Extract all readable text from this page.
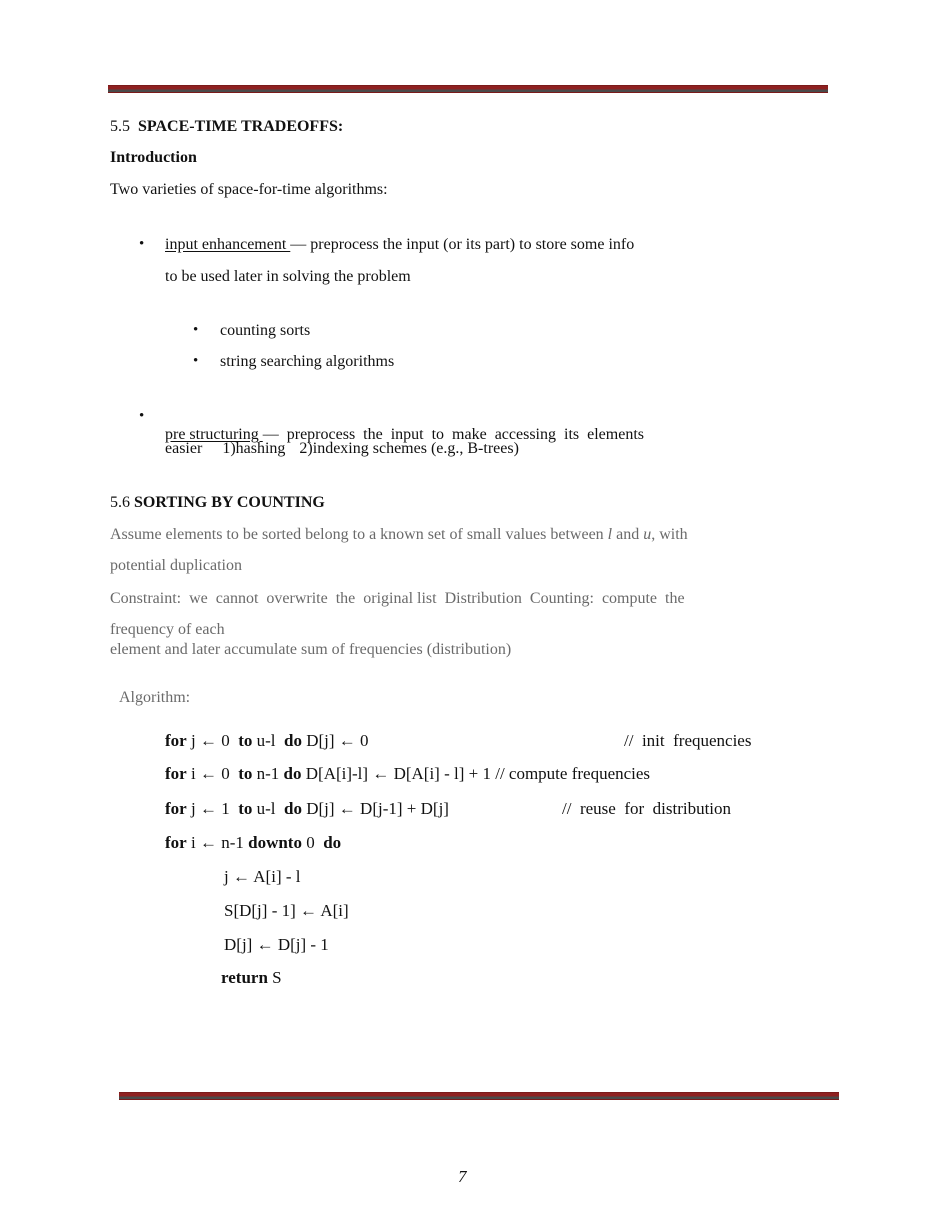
5.5 SPACE-TIME TRADEOFFS:
Introduction
Two varieties of space-for-time algorithms:
• input enhancement — preprocess the input (or its part) to store some info
to be used later in solving the problem
• counting sorts
• string searching algorithms
•

pre structuring —  preprocess  the  input  to  make  accessing  its  elements
easier 1)hashing 2)indexing schemes (e.g., B-trees)
5.6 SORTING BY COUNTING
Assume elements to be sorted belong to a known set of small values between l and u, with
potential duplication
Constraint:  we  cannot  overwrite  the  original list  Distribution  Counting:  compute  the
frequency of each
element and later accumulate sum of frequencies (distribution)
Algorithm:
for j ← 0  to u-l  do D[j] ← 0	//  init  frequencies
for i ← 0  to n-1 do D[A[i]-l] ← D[A[i] - l] + 1 // compute frequencies
for j ← 1  to u-l  do D[j] ← D[j-1] + D[j]	//  reuse  for  distribution
for i ← n-1 downto 0  do
j ← A[i] - l
S[D[j] - 1] ← A[i]
D[j] ← D[j] - 1
return S
7
